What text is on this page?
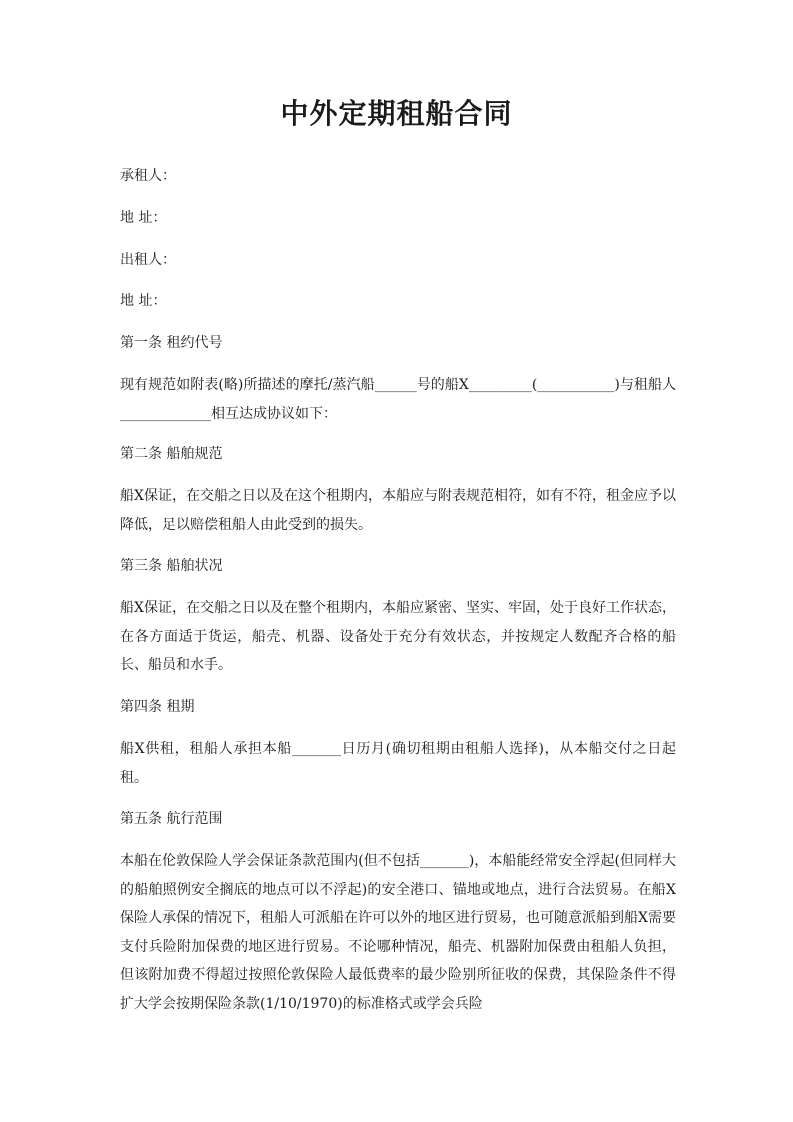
中外定期租船合同
承租人：
地 址：
出租人：
地 址：
第一条 租约代号
现有规范如附表(略)所描述的摩托/蒸汽船______号的船X_________(___________)与租船人_____________相互达成协议如下：
第二条 船舶规范
船X保证，在交船之日以及在这个租期内，本船应与附表规范相符，如有不符，租金应予以降低，足以赔偿租船人由此受到的损失。
第三条 船舶状况
船X保证，在交船之日以及在整个租期内，本船应紧密、坚实、牢固，处于良好工作状态，在各方面适于货运，船壳、机器、设备处于充分有效状态，并按规定人数配齐合格的船长、船员和水手。
第四条 租期
船X供租，租船人承担本船_______日历月(确切租期由租船人选择)，从本船交付之日起租。
第五条 航行范围
本船在伦敦保险人学会保证条款范围内(但不包括_______)，本船能经常安全浮起(但同样大的船舶照例安全搁底的地点可以不浮起)的安全港口、锚地或地点，进行合法贸易。在船X保险人承保的情况下，租船人可派船在许可以外的地区进行贸易，也可随意派船到船X需要支付兵险附加保费的地区进行贸易。不论哪种情况，船壳、机器附加保费由租船人负担，但该附加费不得超过按照伦敦保险人最低费率的最少险别所征收的保费，其保险条件不得扩大学会按期保险条款(1/10/1970)的标准格式或学会兵险
